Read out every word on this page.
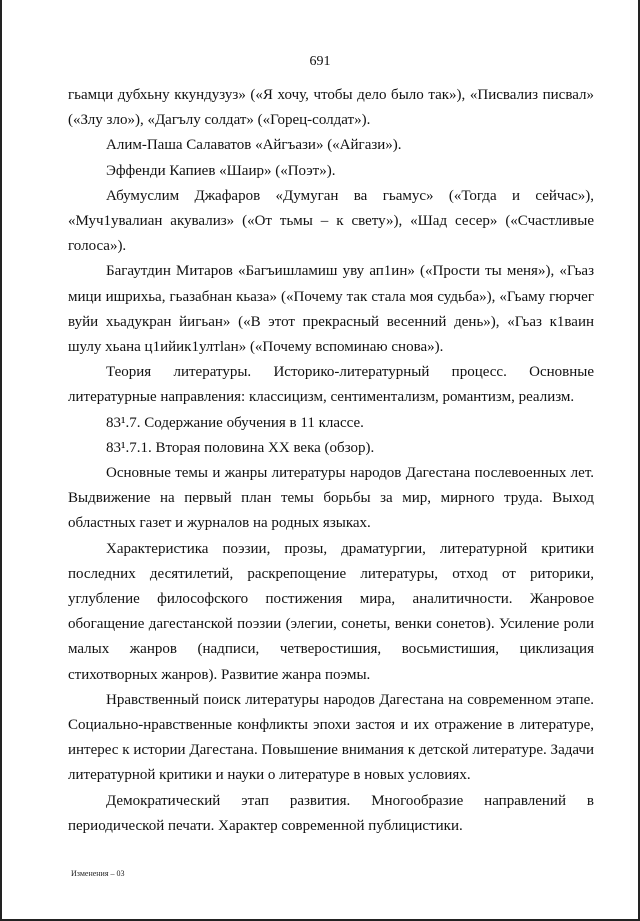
691

гьамци дубхьну ккундузуз» («Я хочу, чтобы дело было так»), «Писвализ писвал» («Злу зло»), «Дагълу солдат» («Горец-солдат»).

Алим-Паша Салаватов «Айгъази» («Айгази»).

Эффенди Капиев «Шаир» («Поэт»).

Абумуслим Джафаров «Думуган ва гьамус» («Тогда и сейчас»), «Муч1увалиан акувализ» («От тьмы – к свету»), «Шад сесер» («Счастливые голоса»).

Багаутдин Митаров «Багъишламиш уву ап1ин» («Прости ты меня»), «Гьаз мици ишрихьа, гьазабнан кьаза» («Почему так стала моя судьба»), «Гьаму гюрчег вуйи хьадукран йигьан» («В этот прекрасный весенний день»), «Гьаз к1ваин шулу хьана ц1ийик1ултlан» («Почему вспоминаю снова»).

Теория литературы. Историко-литературный процесс. Основные литературные направления: классицизм, сентиментализм, романтизм, реализм.

83¹.7. Содержание обучения в 11 классе.

83¹.7.1. Вторая половина XX века (обзор).

Основные темы и жанры литературы народов Дагестана послевоенных лет. Выдвижение на первый план темы борьбы за мир, мирного труда. Выход областных газет и журналов на родных языках.

Характеристика поэзии, прозы, драматургии, литературной критики последних десятилетий, раскрепощение литературы, отход от риторики, углубление философского постижения мира, аналитичности. Жанровое обогащение дагестанской поэзии (элегии, сонеты, венки сонетов). Усиление роли малых жанров (надписи, четверостишия, восьмистишия, циклизация стихотворных жанров). Развитие жанра поэмы.

Нравственный поиск литературы народов Дагестана на современном этапе. Социально-нравственные конфликты эпохи застоя и их отражение в литературе, интерес к истории Дагестана. Повышение внимания к детской литературе. Задачи литературной критики и науки о литературе в новых условиях.

Демократический этап развития. Многообразие направлений в периодической печати. Характер современной публицистики.

Изменения – 03
